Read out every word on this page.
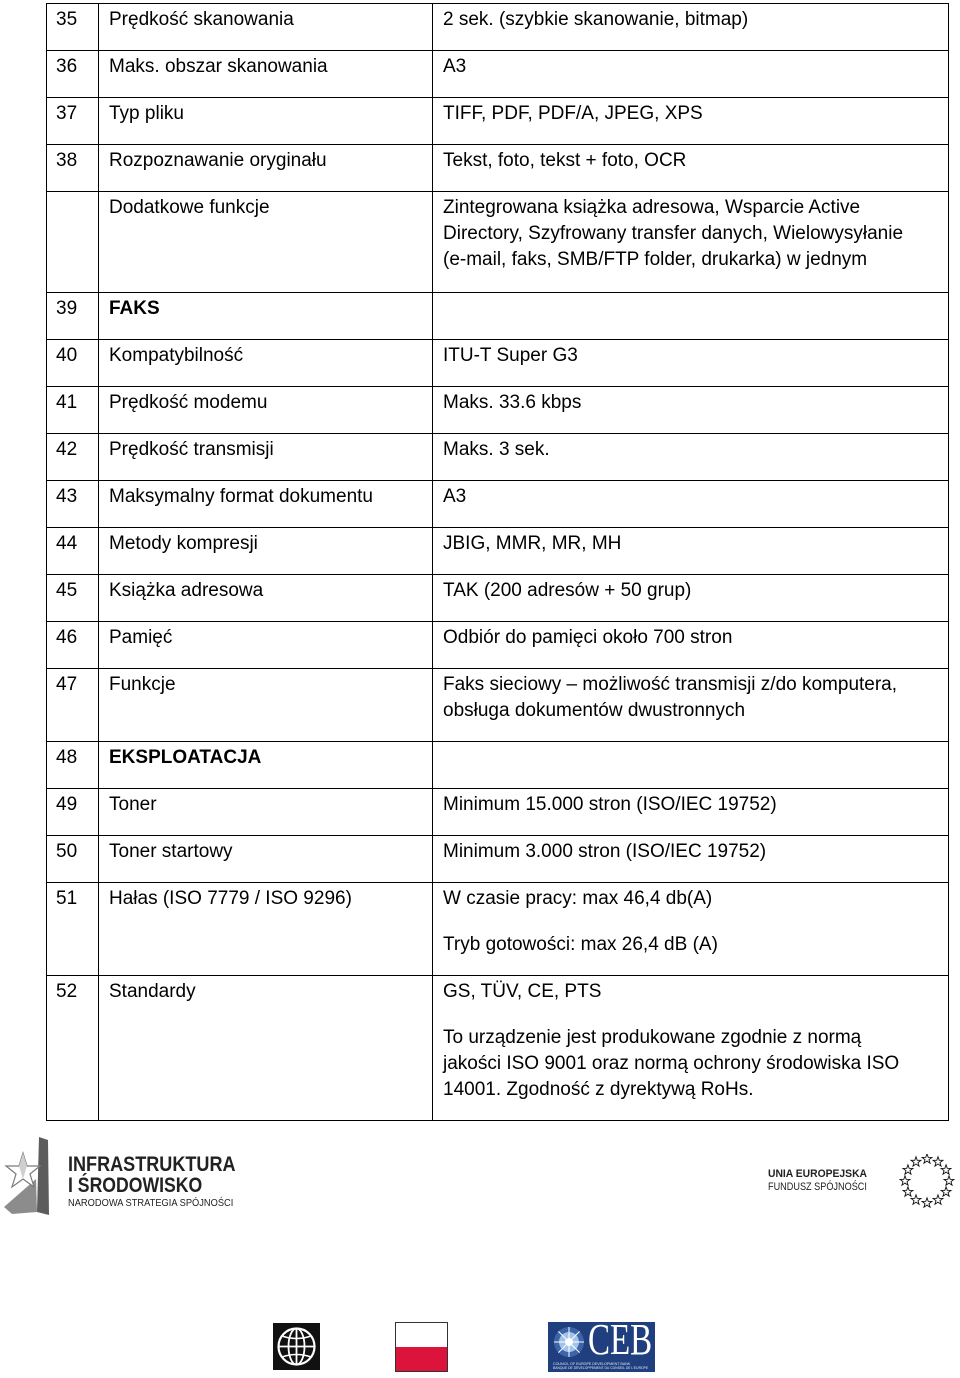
35	Prędkość skanowania	2 sek. (szybkie skanowanie, bitmap)

36	Maks. obszar skanowania	A3

37	Typ pliku	TIFF, PDF, PDF/A, JPEG, XPS

38	Rozpoznawanie oryginału	Tekst, foto, tekst + foto, OCR

	Dodatkowe funkcje	Zintegrowana książka adresowa, Wsparcie Active
Directory, Szyfrowany transfer danych, Wielowysyłanie
(e-mail, faks, SMB/FTP folder, drukarka) w jednym

39	FAKS	

40	Kompatybilność	ITU-T Super G3

41	Prędkość modemu	Maks. 33.6 kbps

42	Prędkość transmisji	Maks. 3 sek.

43	Maksymalny format dokumentu	A3

44	Metody kompresji	JBIG, MMR, MR, MH

45	Książka adresowa	TAK (200 adresów + 50 grup)

46	Pamięć	Odbiór do pamięci około 700 stron

47	Funkcje	Faks sieciowy – możliwość transmisji z/do komputera,
obsługa dokumentów dwustronnych

48	EKSPLOATACJA	

49	Toner	Minimum 15.000 stron (ISO/IEC 19752)

50	Toner startowy	Minimum 3.000 stron (ISO/IEC 19752)

51	Hałas (ISO 7779 / ISO 9296)	W czasie pracy: max 46,4 db(A)
Tryb gotowości: max 26,4 dB (A)

52	Standardy	GS, TÜV, CE, PTS
To urządzenie jest produkowane zgodnie z normą
jakości ISO 9001 oraz normą ochrony środowiska ISO
14001. Zgodność z dyrektywą RoHs.
INFRASTRUKTURA
I ŚRODOWISKO
NARODOWA STRATEGIA SPÓJNOŚCI
UNIA EUROPEJSKA
FUNDUSZ SPÓJNOŚCI
CEB
COUNCIL OF EUROPE DEVELOPMENT BANK
BANQUE DE DÉVELOPPEMENT DU CONSEIL DE L'EUROPE
